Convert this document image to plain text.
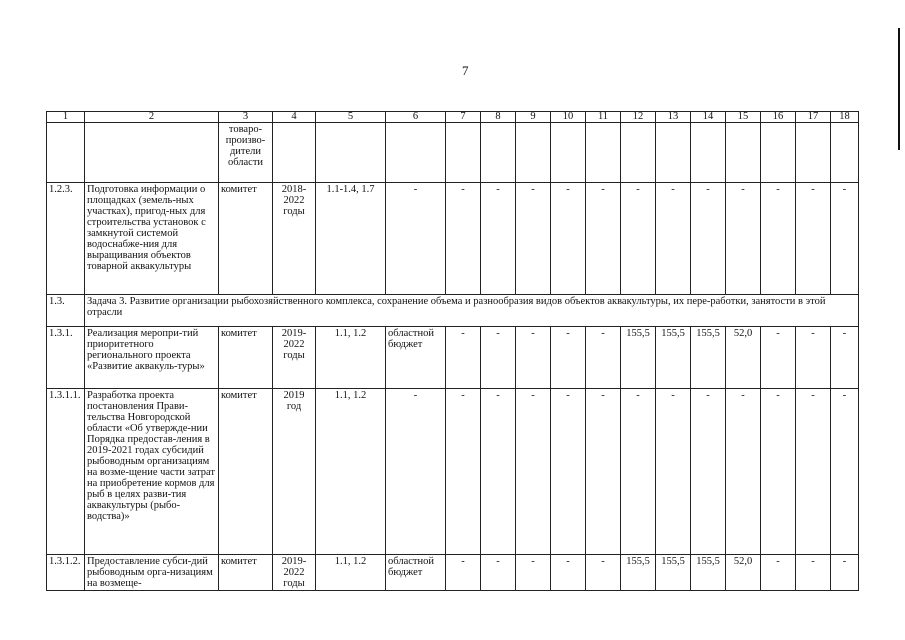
7
1	2	3	4	5	6	7	8	9	10	11	12	13	14	15	16	17	18
		товаро-
произво-
дители
области															
1.2.3.	Подготовка информации о площадках (земель-ных участках), пригод-ных для строительства установок с замкнутой системой водоснабже-ния для выращивания объектов товарной аквакультуры	комитет	2018-
2022
годы	1.1-1.4, 1.7	-	-	-	-	-	-	-	-	-	-	-	-	-
1.3.	Задача 3. Развитие организации рыбохозяйственного комплекса, сохранение объема и разнообразия видов объектов аквакультуры, их пере-работки, занятости в этой отрасли																
1.3.1.	Реализация меропри-тий приоритетного регионального проекта «Развитие аквакуль-туры»	комитет	2019-
2022
годы	1.1, 1.2	областной бюджет	-	-	-	-	-	155,5	155,5	155,5	52,0	-	-	-
1.3.1.1.	Разработка проекта постановления Прави-тельства Новгородской области «Об утвержде-нии Порядка предостав-ления в 2019-2021 годах субсидий рыбоводным организациям на возме-щение части затрат на приобретение кормов для рыб в целях разви-тия аквакультуры (рыбо-водства)»	комитет	2019
год	1.1, 1.2	-	-	-	-	-	-	-	-	-	-	-	-	-
1.3.1.2.	Предоставление субси-дий рыбоводным орга-низациям на возмеще-	комитет	2019-
2022
годы	1.1, 1.2	областной бюджет	-	-	-	-	-	155,5	155,5	155,5	52,0	-	-	-
